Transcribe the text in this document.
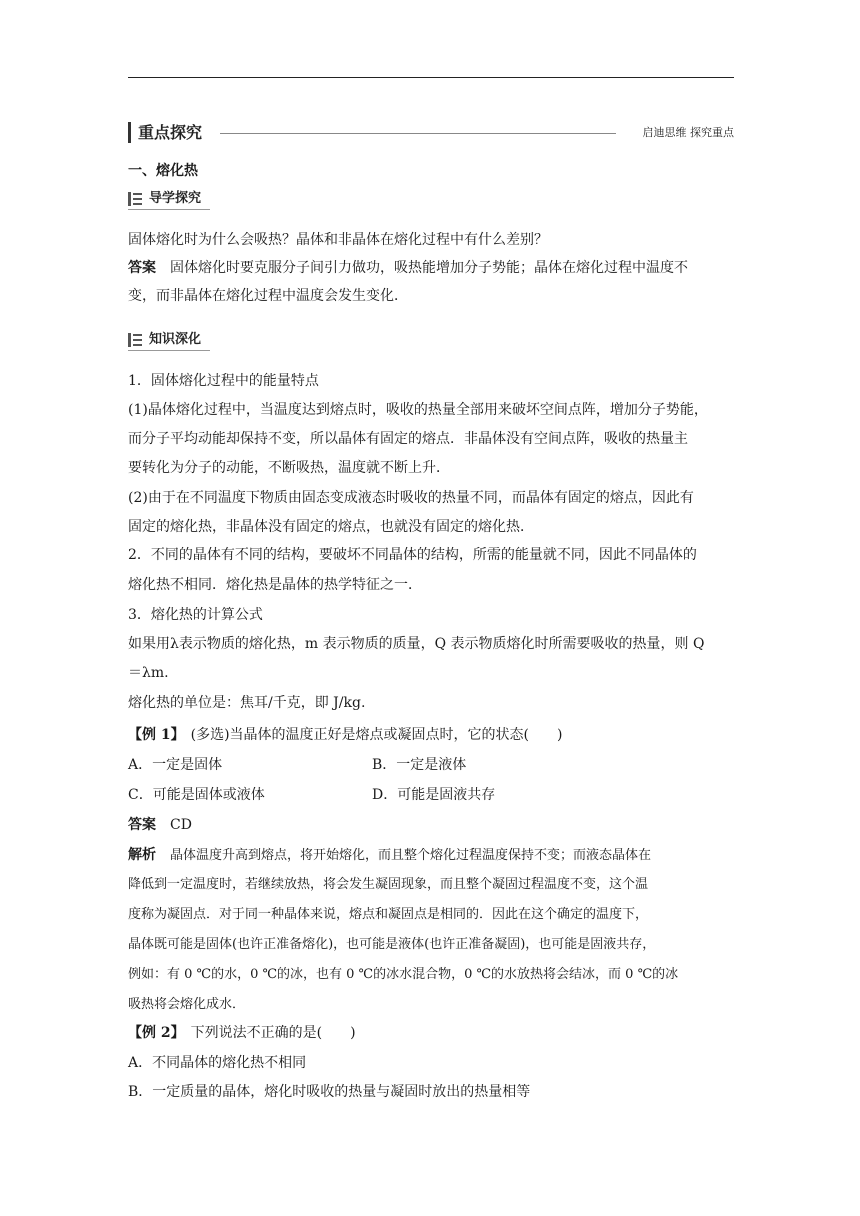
重点探究	启迪思维 探究重点
一、熔化热
导学探究
固体熔化时为什么会吸热？晶体和非晶体在熔化过程中有什么差别？
答案 固体熔化时要克服分子间引力做功，吸热能增加分子势能；晶体在熔化过程中温度不
变，而非晶体在熔化过程中温度会发生变化．
知识深化
1．固体熔化过程中的能量特点
(1)晶体熔化过程中，当温度达到熔点时，吸收的热量全部用来破坏空间点阵，增加分子势能，
而分子平均动能却保持不变，所以晶体有固定的熔点．非晶体没有空间点阵，吸收的热量主
要转化为分子的动能，不断吸热，温度就不断上升．
(2)由于在不同温度下物质由固态变成液态时吸收的热量不同，而晶体有固定的熔点，因此有
固定的熔化热，非晶体没有固定的熔点，也就没有固定的熔化热．
2．不同的晶体有不同的结构，要破坏不同晶体的结构，所需的能量就不同，因此不同晶体的
熔化热不相同．熔化热是晶体的热学特征之一．
3．熔化热的计算公式
如果用λ表示物质的熔化热，m 表示物质的质量，Q 表示物质熔化时所需要吸收的热量，则 Q
＝λm.
熔化热的单位是：焦耳/千克，即 J/kg.
【例 1】 (多选)当晶体的温度正好是熔点或凝固点时，它的状态(　　)
A．一定是固体	B．一定是液体
C．可能是固体或液体	D．可能是固液共存
答案 CD
解析 晶体温度升高到熔点，将开始熔化，而且整个熔化过程温度保持不变；而液态晶体在
降低到一定温度时，若继续放热，将会发生凝固现象，而且整个凝固过程温度不变，这个温
度称为凝固点．对于同一种晶体来说，熔点和凝固点是相同的．因此在这个确定的温度下，
晶体既可能是固体(也许正准备熔化)，也可能是液体(也许正准备凝固)，也可能是固液共存，
例如：有 0 ℃的水，0 ℃的冰，也有 0 ℃的冰水混合物，0 ℃的水放热将会结冰，而 0 ℃的冰
吸热将会熔化成水．
【例 2】 下列说法不正确的是(　　)
A．不同晶体的熔化热不相同
B．一定质量的晶体，熔化时吸收的热量与凝固时放出的热量相等
